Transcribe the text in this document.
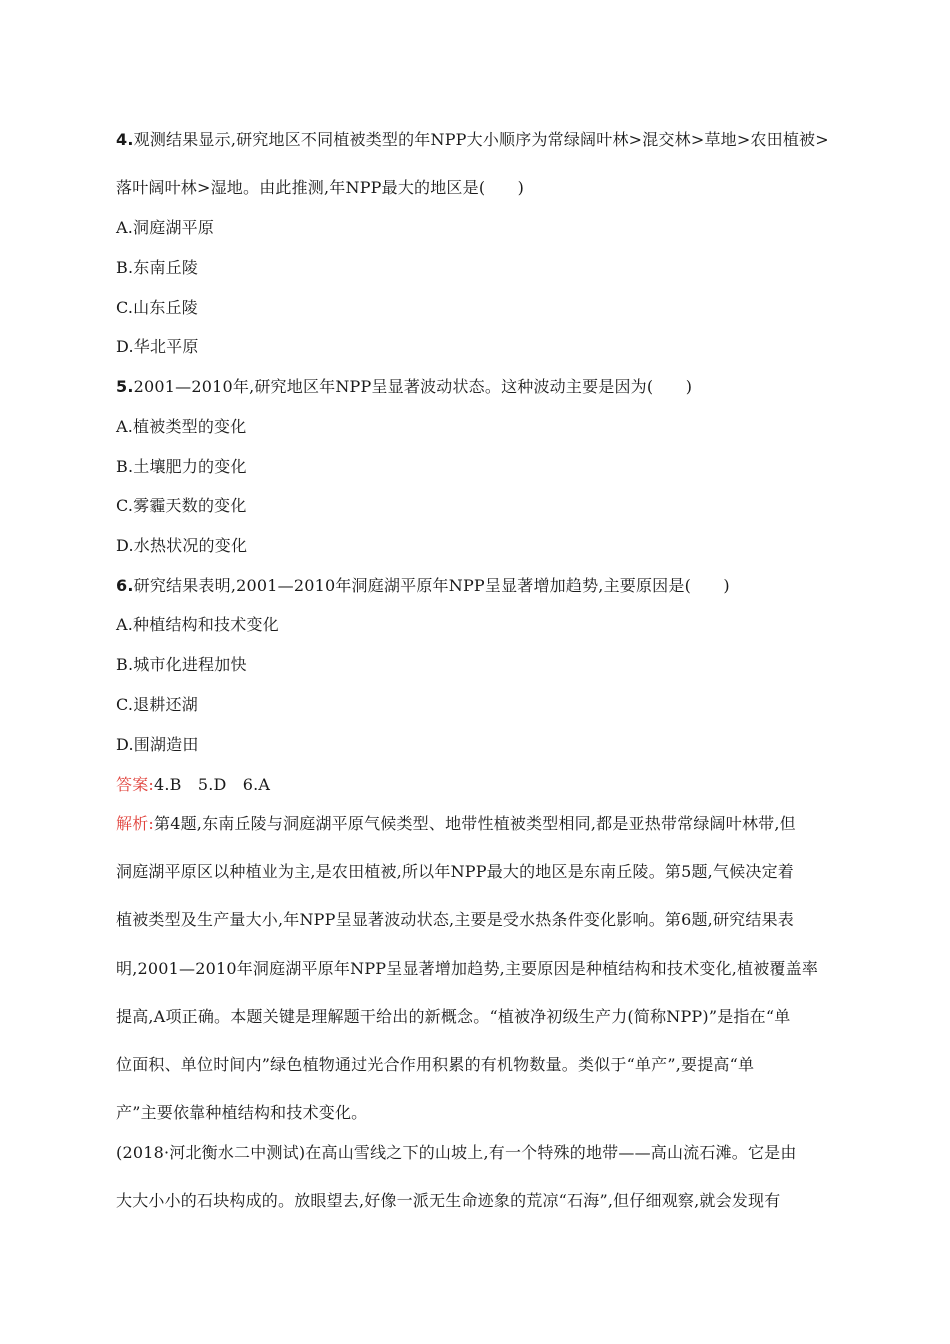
4.观测结果显示,研究地区不同植被类型的年NPP大小顺序为常绿阔叶林>混交林>草地>农田植被>
落叶阔叶林>湿地。由此推测,年NPP最大的地区是(　　)
A.洞庭湖平原
B.东南丘陵
C.山东丘陵
D.华北平原
5.2001—2010年,研究地区年NPP呈显著波动状态。这种波动主要是因为(　　)
A.植被类型的变化
B.土壤肥力的变化
C.雾霾天数的变化
D.水热状况的变化
6.研究结果表明,2001—2010年洞庭湖平原年NPP呈显著增加趋势,主要原因是(　　)
A.种植结构和技术变化
B.城市化进程加快
C.退耕还湖
D.围湖造田
答案:4.B　5.D　6.A
解析:第4题,东南丘陵与洞庭湖平原气候类型、地带性植被类型相同,都是亚热带常绿阔叶林带,但
洞庭湖平原区以种植业为主,是农田植被,所以年NPP最大的地区是东南丘陵。第5题,气候决定着
植被类型及生产量大小,年NPP呈显著波动状态,主要是受水热条件变化影响。第6题,研究结果表
明,2001—2010年洞庭湖平原年NPP呈显著增加趋势,主要原因是种植结构和技术变化,植被覆盖率
提高,A项正确。本题关键是理解题干给出的新概念。“植被净初级生产力(简称NPP)”是指在“单
位面积、单位时间内”绿色植物通过光合作用积累的有机物数量。类似于“单产”,要提高“单
产”主要依靠种植结构和技术变化。
(2018·河北衡水二中测试)在高山雪线之下的山坡上,有一个特殊的地带——高山流石滩。它是由
大大小小的石块构成的。放眼望去,好像一派无生命迹象的荒凉“石海”,但仔细观察,就会发现有
